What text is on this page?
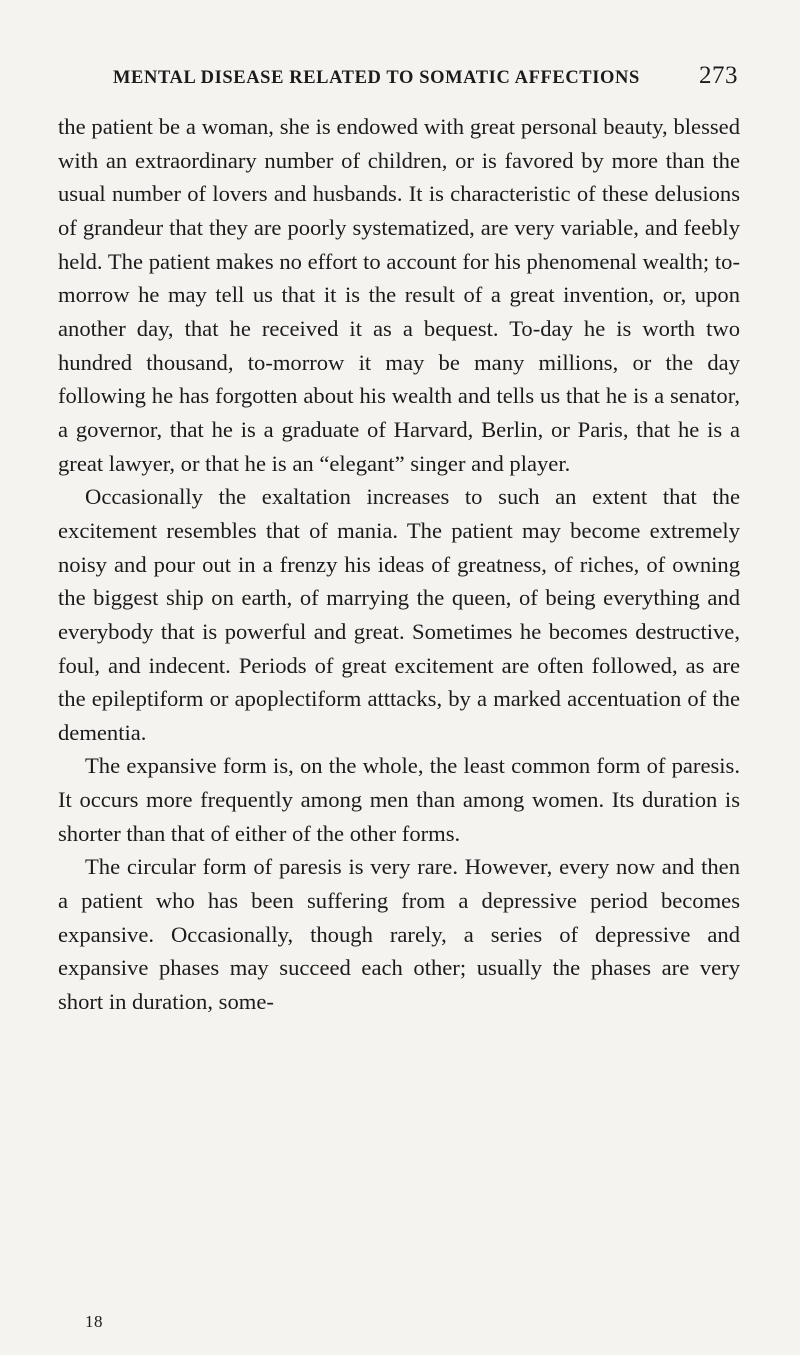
MENTAL DISEASE RELATED TO SOMATIC AFFECTIONS 273

the patient be a woman, she is endowed with great personal beauty, blessed with an extraordinary number of children, or is favored by more than the usual number of lovers and husbands. It is characteristic of these delusions of grandeur that they are poorly systematized, are very variable, and feebly held. The patient makes no effort to account for his phenomenal wealth; to-morrow he may tell us that it is the result of a great invention, or, upon another day, that he received it as a bequest. To-day he is worth two hundred thousand, to-morrow it may be many millions, or the day following he has forgotten about his wealth and tells us that he is a senator, a governor, that he is a graduate of Harvard, Berlin, or Paris, that he is a great lawyer, or that he is an “elegant” singer and player.

Occasionally the exaltation increases to such an extent that the excitement resembles that of mania. The patient may become extremely noisy and pour out in a frenzy his ideas of greatness, of riches, of owning the biggest ship on earth, of marrying the queen, of being everything and everybody that is powerful and great. Sometimes he becomes destructive, foul, and indecent. Periods of great excitement are often followed, as are the epileptiform or apoplectiform atttacks, by a marked accentuation of the dementia.

The expansive form is, on the whole, the least common form of paresis. It occurs more frequently among men than among women. Its duration is shorter than that of either of the other forms.

The circular form of paresis is very rare. However, every now and then a patient who has been suffering from a depressive period becomes expansive. Occasionally, though rarely, a series of depressive and expansive phases may succeed each other; usually the phases are very short in duration, some-

18
